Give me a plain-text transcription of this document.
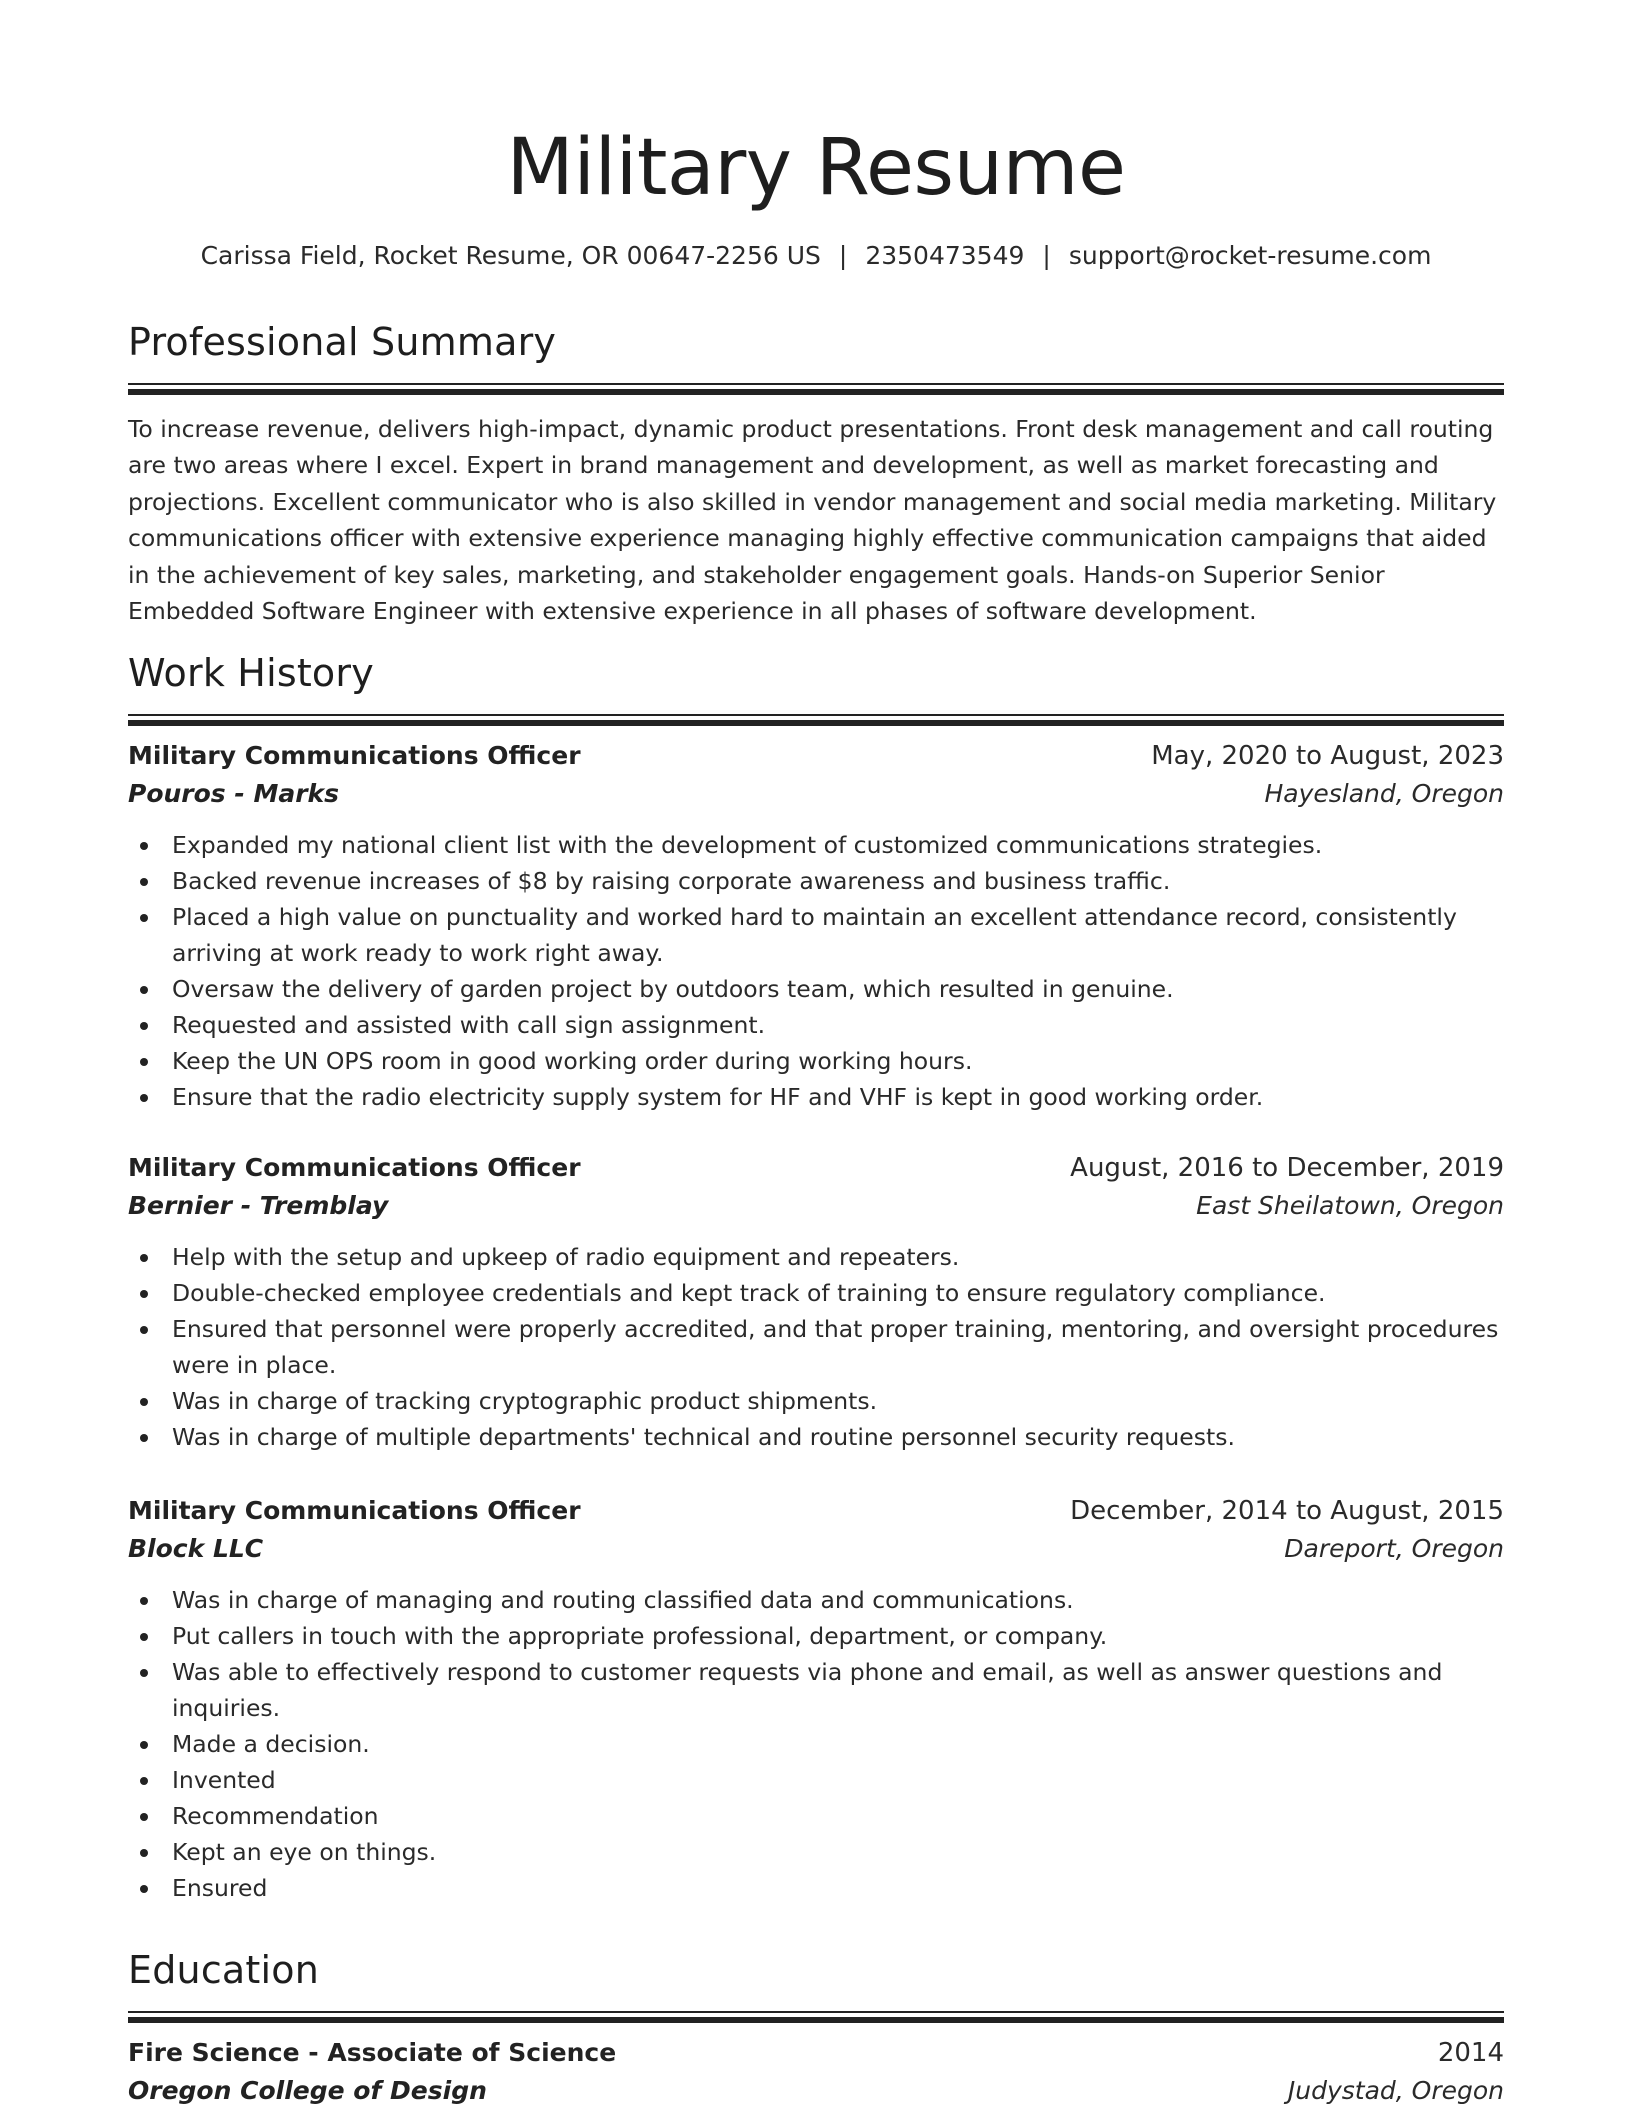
Military Resume
Carissa Field, Rocket Resume, OR 00647-2256 US | 2350473549 | support@rocket-resume.com
Professional Summary

To increase revenue, delivers high-impact, dynamic product presentations. Front desk management and call routing are two areas where I excel. Expert in brand management and development, as well as market forecasting and projections. Excellent communicator who is also skilled in vendor management and social media marketing. Military communications officer with extensive experience managing highly effective communication campaigns that aided in the achievement of key sales, marketing, and stakeholder engagement goals. Hands-on Superior Senior Embedded Software Engineer with extensive experience in all phases of software development.

Work History
Military Communications Officer	May, 2020 to August, 2023
Pouros - Marks	Hayesland, Oregon
Expanded my national client list with the development of customized communications strategies.
Backed revenue increases of $8 by raising corporate awareness and business traffic.
Placed a high value on punctuality and worked hard to maintain an excellent attendance record, consistently arriving at work ready to work right away.
Oversaw the delivery of garden project by outdoors team, which resulted in genuine.
Requested and assisted with call sign assignment.
Keep the UN OPS room in good working order during working hours.
Ensure that the radio electricity supply system for HF and VHF is kept in good working order.
Military Communications Officer	August, 2016 to December, 2019
Bernier - Tremblay	East Sheilatown, Oregon
Help with the setup and upkeep of radio equipment and repeaters.
Double-checked employee credentials and kept track of training to ensure regulatory compliance.
Ensured that personnel were properly accredited, and that proper training, mentoring, and oversight procedures were in place.
Was in charge of tracking cryptographic product shipments.
Was in charge of multiple departments' technical and routine personnel security requests.
Military Communications Officer	December, 2014 to August, 2015
Block LLC	Dareport, Oregon
Was in charge of managing and routing classified data and communications.
Put callers in touch with the appropriate professional, department, or company.
Was able to effectively respond to customer requests via phone and email, as well as answer questions and inquiries.
Made a decision.
Invented
Recommendation
Kept an eye on things.
Ensured
Education
Fire Science - Associate of Science	2014
Oregon College of Design	Judystad, Oregon
